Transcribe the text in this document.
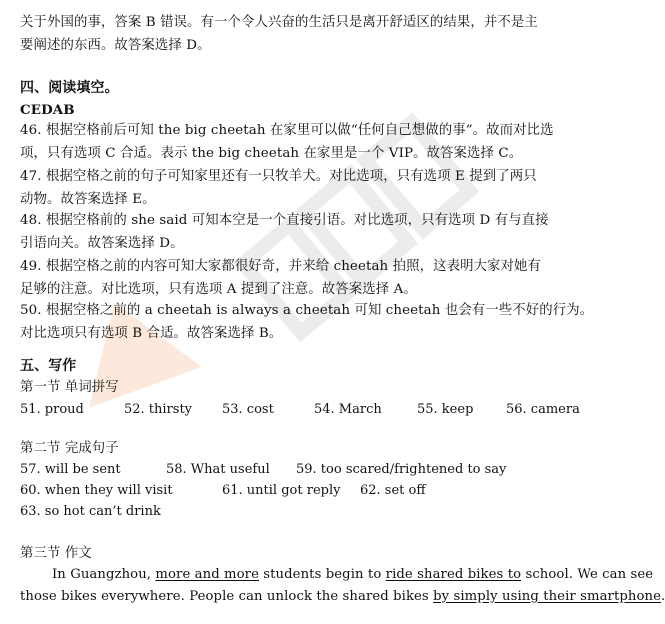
关于外国的事，答案 B 错误。有一个令人兴奋的生活只是离开舒适区的结果，并不是主
要阐述的东西。故答案选择 D。
四、阅读填空。
CEDAB
46. 根据空格前后可知 the big cheetah 在家里可以做“任何自己想做的事”。故而对比选
项，只有选项 C 合适。表示 the big cheetah 在家里是一个 VIP。故答案选择 C。
47. 根据空格之前的句子可知家里还有一只牧羊犬。对比选项，只有选项 E 提到了两只
动物。故答案选择 E。
48. 根据空格前的 she said 可知本空是一个直接引语。对比选项，只有选项 D 有与直接
引语向关。故答案选择 D。
49. 根据空格之前的内容可知大家都很好奇，并来给 cheetah 拍照，这表明大家对她有
足够的注意。对比选项，只有选项 A 提到了注意。故答案选择 A。
50. 根据空格之前的 a cheetah is always a cheetah 可知 cheetah 也会有一些不好的行为。
对比选项只有选项 B 合适。故答案选择 B。
五、写作
第一节 单词拼写
51. proud	52. thirsty 53. cost	54. March	55. keep	56. camera
第二节 完成句子
57. will be sent	58. What useful 59. too scared/frightened to say
60. when they will visit	61. until got reply 62. set off
63. so hot can’t drink
第三节 作文
In Guangzhou, more and more students begin to ride shared bikes to school. We can see
those bikes everywhere. People can unlock the shared bikes by simply using their smartphone.
